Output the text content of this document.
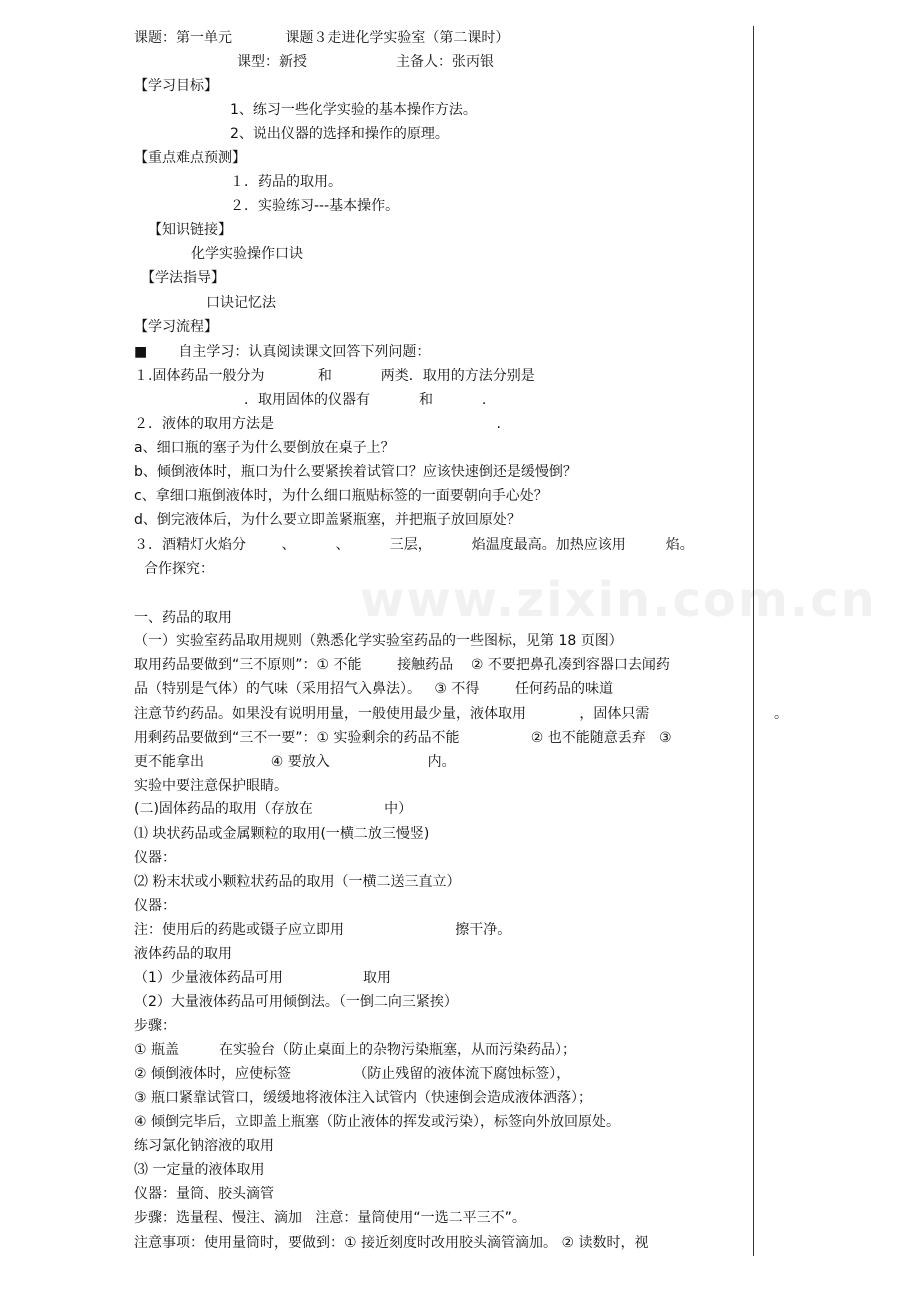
www.zixin.com.cn
课题：第一单元            课题３走进化学实验室（第二课时）
课型：新授                    主备人：张丙银
【学习目标】
1、练习一些化学实验的基本操作方法。
2、说出仪器的选择和操作的原理。
【重点难点预测】
１．药品的取用。
２．实验练习---基本操作。
【知识链接】
化学实验操作口诀
【学法指导】
口诀记忆法
【学习流程】
■       自主学习：认真阅读课文回答下列问题：
１.固体药品一般分为            和           两类．取用的方法分别是
．取用固体的仪器有           和           .
２．液体的取用方法是                                                  .
a、细口瓶的塞子为什么要倒放在桌子上？
b、倾倒液体时，瓶口为什么要紧挨着试管口？应该快速倒还是缓慢倒？
c、拿细口瓶倒液体时，为什么细口瓶贴标签的一面要朝向手心处？
d、倒完液体后，为什么要立即盖紧瓶塞，并把瓶子放回原处？
３．酒精灯火焰分        、         、         三层，         焰温度最高。加热应该用         焰。
合作探究：
一、药品的取用
（一）实验室药品取用规则（熟悉化学实验室药品的一些图标，见第 18 页图）
取用药品要做到“三不原则”：① 不能        接触药品    ② 不要把鼻孔凑到容器口去闻药
品（特别是气体）的气味（采用招气入鼻法）。   ③ 不得        任何药品的味道
注意节约药品。如果没有说明用量，一般使用最少量，液体取用            ，固体只需                            。
用剩药品要做到“三不一要”：① 实验剩余的药品不能                ② 也不能随意丢弃   ③
更不能拿出               ④ 要放入                      内。
实验中要注意保护眼睛。
(二)固体药品的取用（存放在                中）
⑴ 块状药品或金属颗粒的取用(一横二放三慢竖)
仪器：
⑵ 粉末状或小颗粒状药品的取用（一横二送三直立）
仪器：
注：使用后的药匙或镊子应立即用                         擦干净。
液体药品的取用
（1）少量液体药品可用                  取用
（2）大量液体药品可用倾倒法。（一倒二向三紧挨）
步骤：
① 瓶盖         在实验台（防止桌面上的杂物污染瓶塞，从而污染药品）；
② 倾倒液体时，应使标签              （防止残留的液体流下腐蚀标签），
③ 瓶口紧靠试管口，缓缓地将液体注入试管内（快速倒会造成液体洒落）；
④ 倾倒完毕后，立即盖上瓶塞（防止液体的挥发或污染），标签向外放回原处。
练习氯化钠溶液的取用
⑶ 一定量的液体取用
仪器：量筒、胶头滴管
步骤：选量程、慢注、滴加   注意：量筒使用“一选二平三不”。
注意事项：使用量筒时，要做到：① 接近刻度时改用胶头滴管滴加。 ② 读数时，视
